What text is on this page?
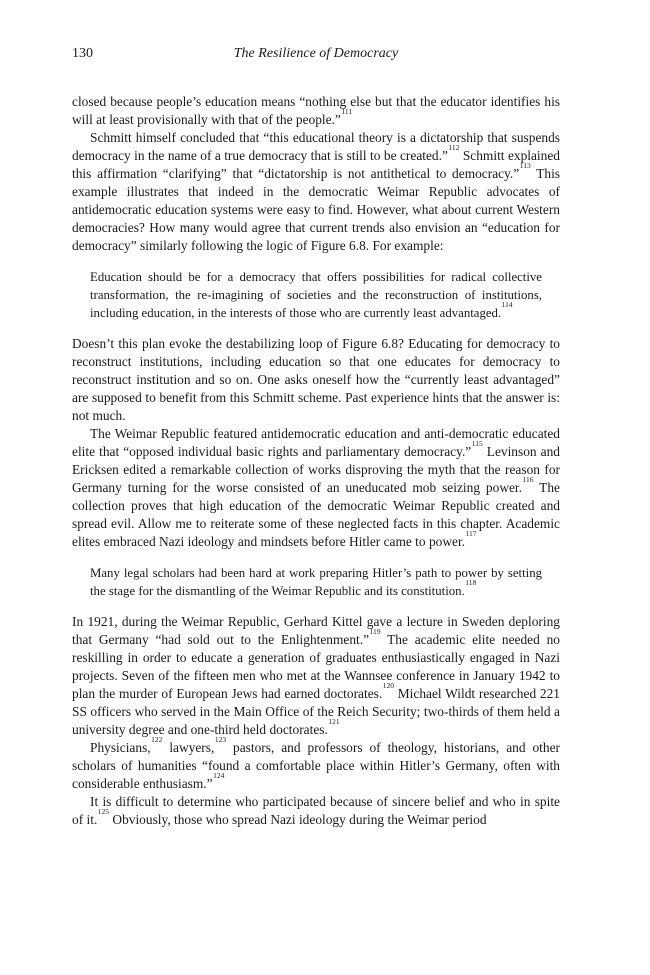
130	The Resilience of Democracy

closed because people’s education means “nothing else but that the educator identifies his will at least provisionally with that of the people.”$^{111}$

Schmitt himself concluded that “this educational theory is a dictatorship that suspends democracy in the name of a true democracy that is still to be created.”$^{112}$ Schmitt explained this affirmation “clarifying” that “dictatorship is not antithetical to democracy.”$^{113}$ This example illustrates that indeed in the democratic Weimar Republic advocates of antidemocratic education systems were easy to find. However, what about current Western democracies? How many would agree that current trends also envision an “education for democracy” similarly following the logic of Figure 6.8. For example:

Education should be for a democracy that offers possibilities for radical collective transformation, the re-imagining of societies and the reconstruction of institutions, including education, in the interests of those who are currently least advantaged.$^{114}$

Doesn’t this plan evoke the destabilizing loop of Figure 6.8? Educating for democracy to reconstruct institutions, including education so that one educates for democracy to reconstruct institution and so on. One asks oneself how the “currently least advantaged” are supposed to benefit from this Schmitt scheme. Past experience hints that the answer is: not much.

The Weimar Republic featured antidemocratic education and anti-democratic educated elite that “opposed individual basic rights and parliamentary democracy.”$^{115}$ Levinson and Ericksen edited a remarkable collection of works disproving the myth that the reason for Germany turning for the worse consisted of an uneducated mob seizing power.$^{116}$ The collection proves that high education of the democratic Weimar Republic created and spread evil. Allow me to reiterate some of these neglected facts in this chapter. Academic elites embraced Nazi ideology and mindsets before Hitler came to power.$^{117}$

Many legal scholars had been hard at work preparing Hitler’s path to power by setting the stage for the dismantling of the Weimar Republic and its constitution.$^{118}$

In 1921, during the Weimar Republic, Gerhard Kittel gave a lecture in Sweden deploring that Germany “had sold out to the Enlightenment.”$^{119}$ The academic elite needed no reskilling in order to educate a generation of graduates enthusiastically engaged in Nazi projects. Seven of the fifteen men who met at the Wannsee conference in January 1942 to plan the murder of European Jews had earned doctorates.$^{120}$ Michael Wildt researched 221 SS officers who served in the Main Office of the Reich Security; two-thirds of them held a university degree and one-third held doctorates.$^{121}$

Physicians,$^{122}$ lawyers,$^{123}$ pastors, and professors of theology, historians, and other scholars of humanities “found a comfortable place within Hitler’s Germany, often with considerable enthusiasm.”$^{124}$

It is difficult to determine who participated because of sincere belief and who in spite of it.$^{125}$ Obviously, those who spread Nazi ideology during the Weimar period
